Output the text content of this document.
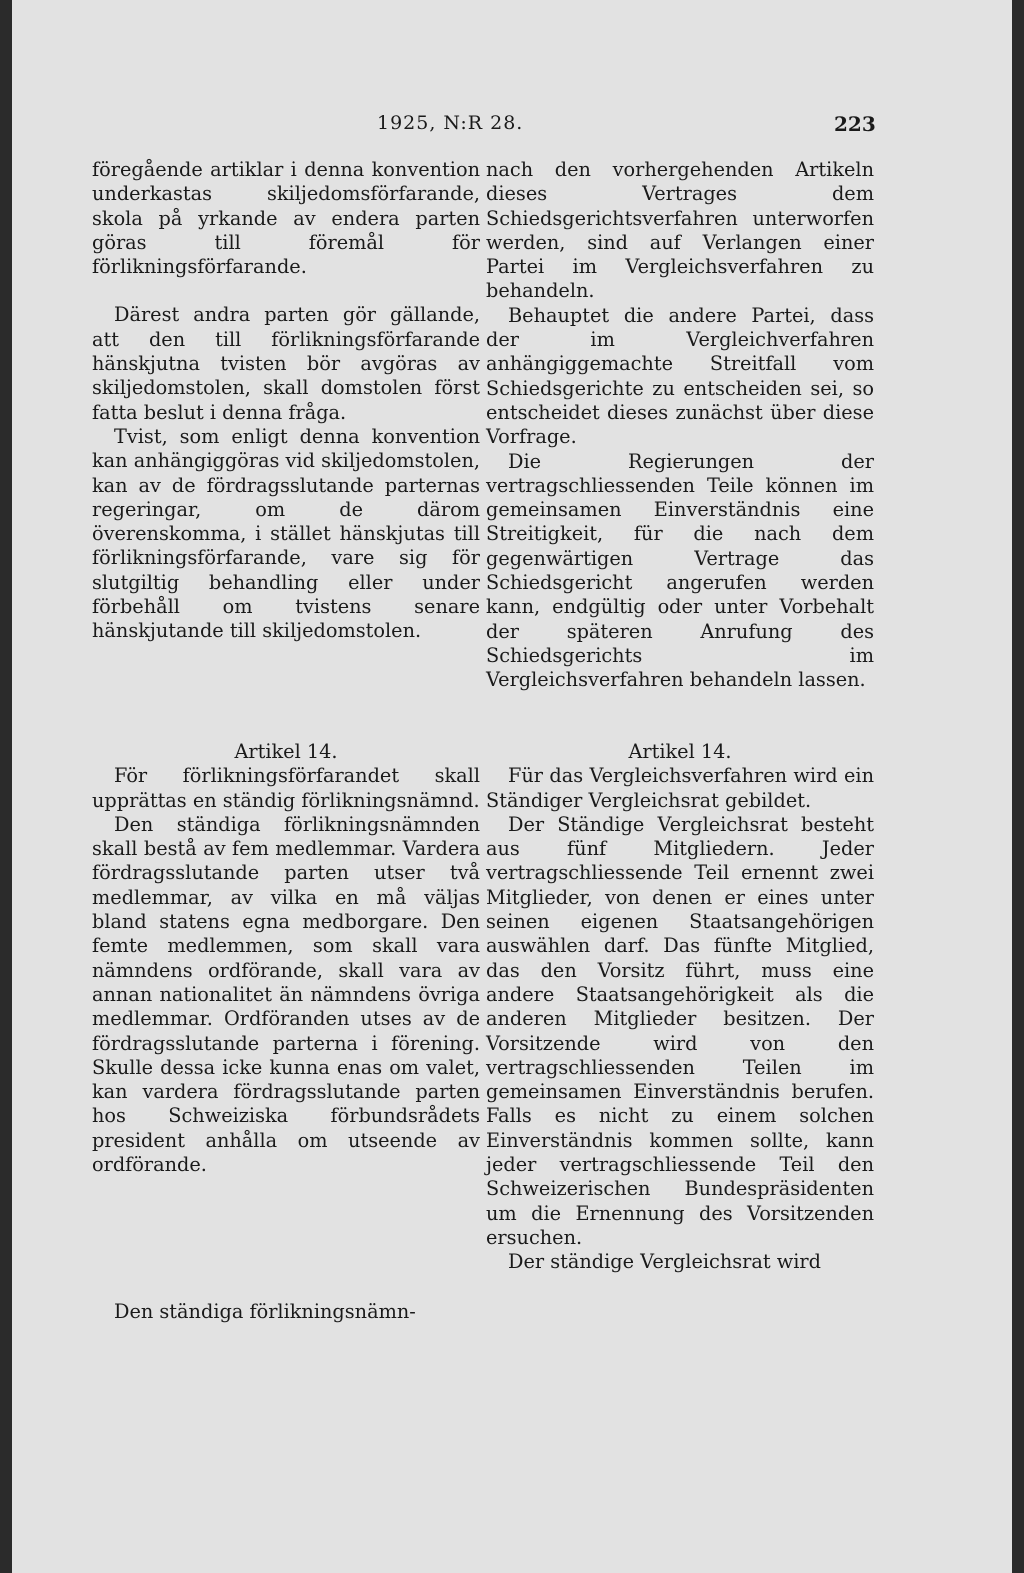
1925, N:R 28.	223

föregående artiklar i denna konvention underkastas skiljedomsförfarande, skola på yrkande av endera parten göras till föremål för förlikningsförfarande.

Därest andra parten gör gällande, att den till förlikningsförfarande hänskjutna tvisten bör avgöras av skiljedomstolen, skall domstolen först fatta beslut i denna fråga.

Tvist, som enligt denna konvention kan anhängiggöras vid skiljedomstolen, kan av de fördragsslutande parternas regeringar, om de därom överenskomma, i stället hänskjutas till förlikningsförfarande, vare sig för slutgiltig behandling eller under förbehåll om tvistens senare hänskjutande till skiljedomstolen.

Artikel 14.

För förlikningsförfarandet skall upprättas en ständig förlikningsnämnd.

Den ständiga förlikningsnämnden skall bestå av fem medlemmar. Vardera fördragsslutande parten utser två medlemmar, av vilka en må väljas bland statens egna medborgare. Den femte medlemmen, som skall vara nämndens ordförande, skall vara av annan nationalitet än nämndens övriga medlemmar. Ordföranden utses av de fördragsslutande parterna i förening. Skulle dessa icke kunna enas om valet, kan vardera fördragsslutande parten hos Schweiziska förbundsrådets president anhålla om utseende av ordförande.

Den ständiga förlikningsnämn-

nach den vorhergehenden Artikeln dieses Vertrages dem Schiedsgerichtsverfahren unterworfen werden, sind auf Verlangen einer Partei im Vergleichsverfahren zu behandeln.

Behauptet die andere Partei, dass der im Vergleichverfahren anhängiggemachte Streitfall vom Schiedsgerichte zu entscheiden sei, so entscheidet dieses zunächst über diese Vorfrage.

Die Regierungen der vertragschliessenden Teile können im gemeinsamen Einverständnis eine Streitigkeit, für die nach dem gegenwärtigen Vertrage das Schiedsgericht angerufen werden kann, endgültig oder unter Vorbehalt der späteren Anrufung des Schiedsgerichts im Vergleichsverfahren behandeln lassen.

Artikel 14.

Für das Vergleichsverfahren wird ein Ständiger Vergleichsrat gebildet.

Der Ständige Vergleichsrat besteht aus fünf Mitgliedern. Jeder vertragschliessende Teil ernennt zwei Mitglieder, von denen er eines unter seinen eigenen Staatsangehörigen auswählen darf. Das fünfte Mitglied, das den Vorsitz führt, muss eine andere Staatsangehörigkeit als die anderen Mitglieder besitzen. Der Vorsitzende wird von den vertragschliessenden Teilen im gemeinsamen Einverständnis berufen. Falls es nicht zu einem solchen Einverständnis kommen sollte, kann jeder vertragschliessende Teil den Schweizerischen Bundespräsidenten um die Ernennung des Vorsitzenden ersuchen.

Der ständige Vergleichsrat wird
